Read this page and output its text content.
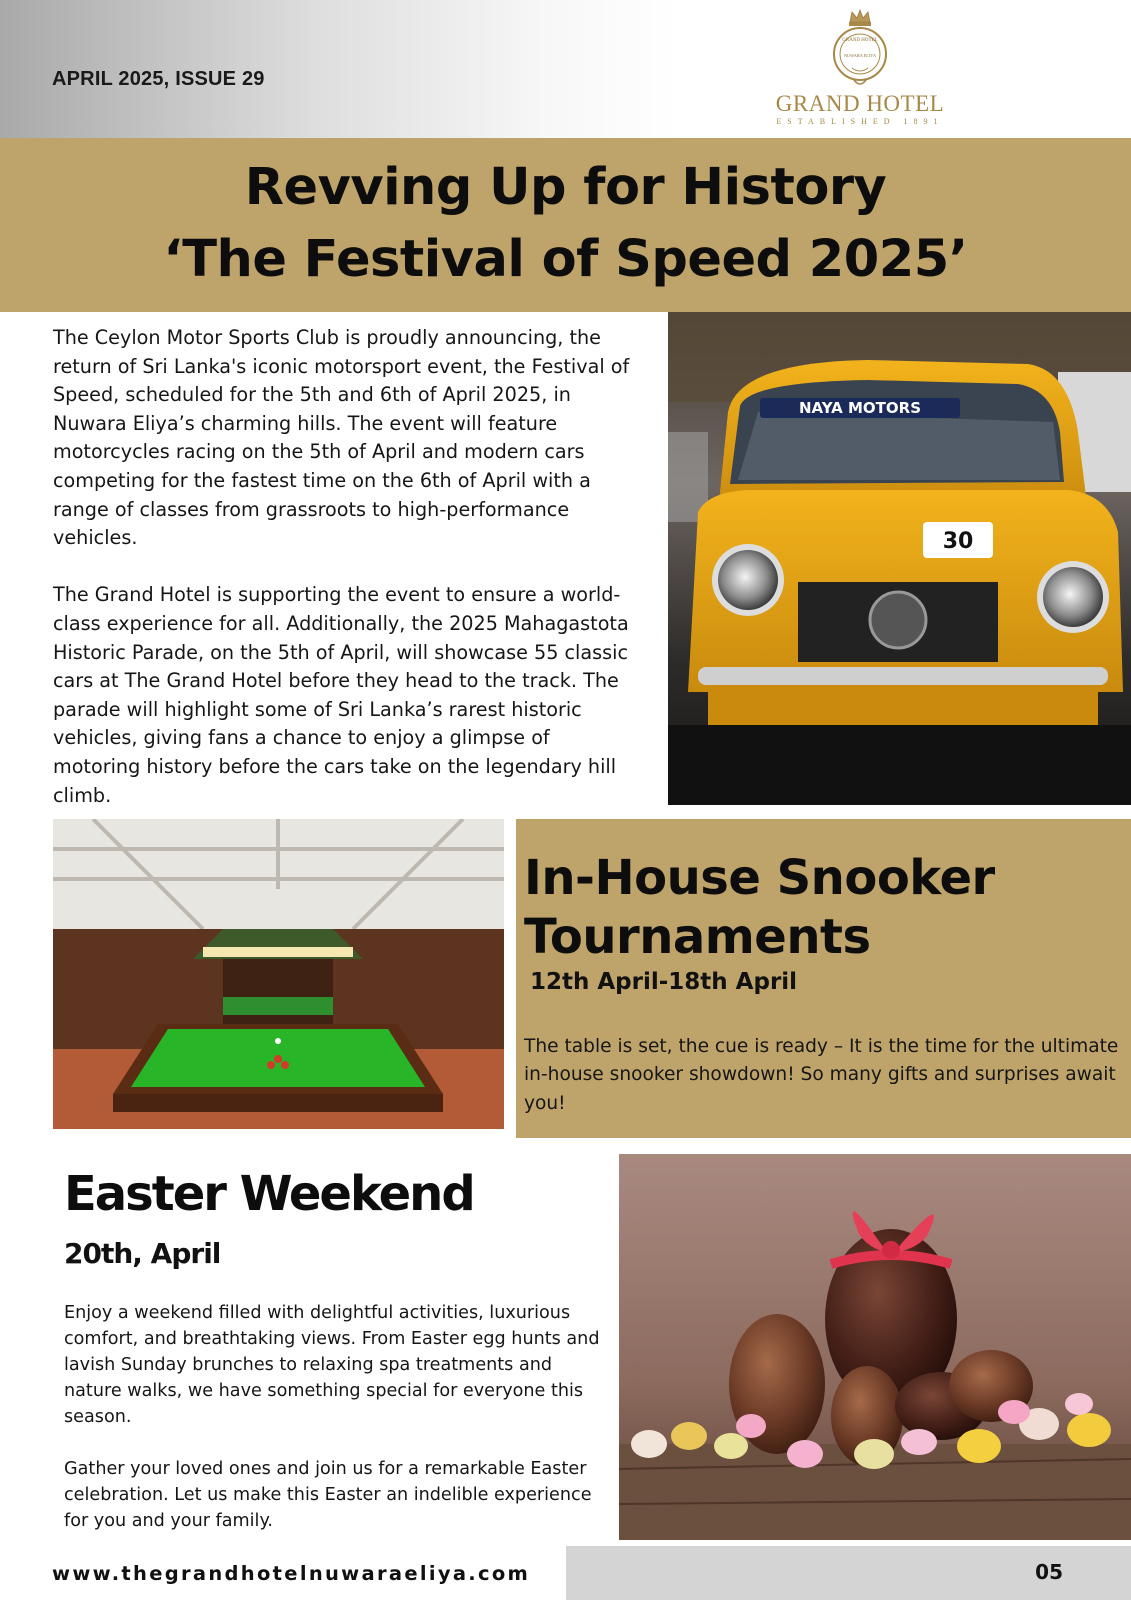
APRIL 2025, ISSUE 29
GRAND HOTEL
NUWARA ELIYA
GRAND HOTEL
ESTABLISHED 1891
Revving Up for History
‘The Festival of Speed 2025’

The Ceylon Motor Sports Club is proudly announcing, the return of Sri Lanka's iconic motorsport event, the Festival of Speed, scheduled for the 5th and 6th of April 2025, in Nuwara Eliya’s charming hills. The event will feature motorcycles racing on the 5th of April and modern cars competing for the fastest time on the 6th of April with a range of classes from grassroots to high-performance vehicles.

The Grand Hotel is supporting the event to ensure a world-class experience for all. Additionally, the 2025 Mahagastota Historic Parade, on the 5th of April, will showcase 55 classic cars at The Grand Hotel before they head to the track. The parade will highlight some of Sri Lanka’s rarest historic vehicles, giving fans a chance to enjoy a glimpse of motoring history before the cars take on the legendary hill climb.

NAYA MOTORS
30
In-House Snooker
Tournaments
12th April-18th April
The table is set, the cue is ready – It is the time for the ultimate in-house snooker showdown! So many gifts and surprises await you!
Easter Weekend
20th, April

Enjoy a weekend filled with delightful activities, luxurious comfort, and breathtaking views. From Easter egg hunts and lavish Sunday brunches to relaxing spa treatments and nature walks, we have something special for everyone this season.

Gather your loved ones and join us for a remarkable Easter celebration. Let us make this Easter an indelible experience for you and your family.

www.thegrandhotelnuwaraeliya.com	05
